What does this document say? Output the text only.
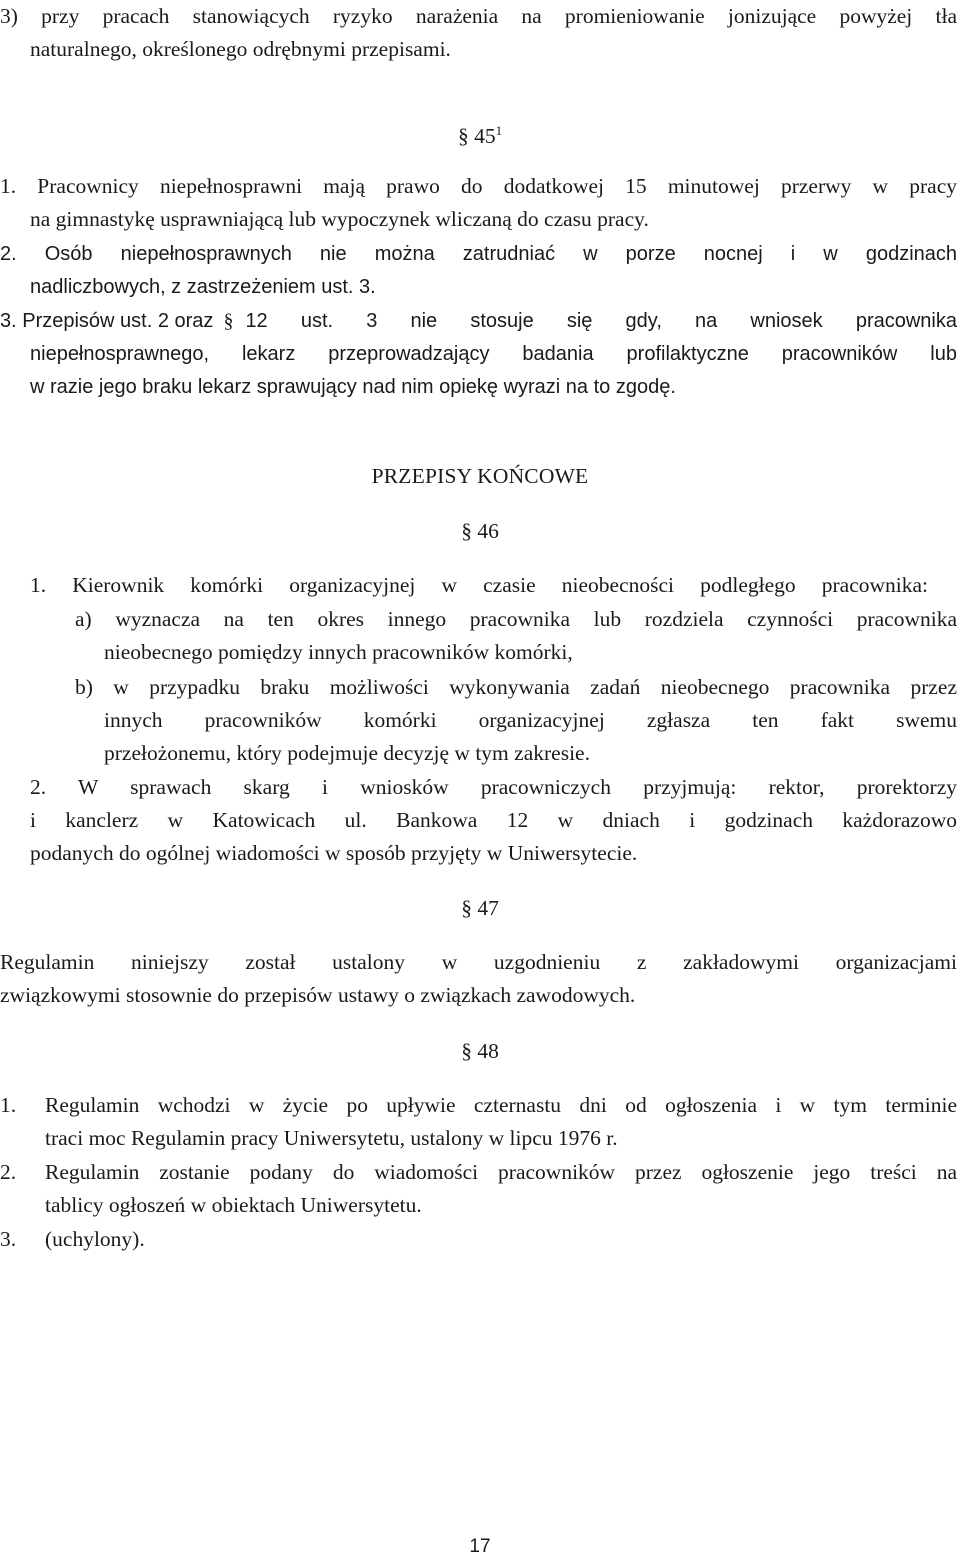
3) przy pracach stanowiących ryzyko narażenia na promieniowanie jonizujące powyżej tła
naturalnego, określonego odrębnymi przepisami.
§ $45^1$
1. Pracownicy niepełnosprawni mają prawo do dodatkowej 15 minutowej przerwy w pracy
na gimnastykę usprawniającą lub wypoczynek wliczaną do czasu pracy.
2. Osób niepełnosprawnych nie można zatrudniać w porze nocnej i w godzinach
nadliczbowych, z zastrzeżeniem ust. 3.
3. Przepisów ust. 2 oraz § 12 ust. 3 nie stosuje się gdy, na wniosek pracownika
niepełnosprawnego, lekarz przeprowadzający badania profilaktyczne pracowników lub
w razie jego braku lekarz sprawujący nad nim opiekę wyrazi na to zgodę.
PRZEPISY KOŃCOWE
§ 46
1. Kierownik komórki organizacyjnej w czasie nieobecności podległego pracownika:
a) wyznacza na ten okres innego pracownika lub rozdziela czynności pracownika
nieobecnego pomiędzy innych pracowników komórki,
b) w przypadku braku możliwości wykonywania zadań nieobecnego pracownika przez
innych pracowników komórki organizacyjnej zgłasza ten fakt swemu
przełożonemu, który podejmuje decyzję w tym zakresie.
2. W sprawach skarg i wniosków pracowniczych przyjmują: rektor, prorektorzy
i kanclerz w Katowicach ul. Bankowa 12 w dniach i godzinach każdorazowo
podanych do ogólnej wiadomości w sposób przyjęty w Uniwersytecie.
§ 47
Regulamin niniejszy został ustalony w uzgodnieniu z zakładowymi organizacjami
związkowymi stosownie do przepisów ustawy o związkach zawodowych.
§ 48
1. Regulamin wchodzi w życie po upływie czternastu dni od ogłoszenia i w tym terminie
traci moc Regulamin pracy Uniwersytetu, ustalony w lipcu 1976 r.
2. Regulamin zostanie podany do wiadomości pracowników przez ogłoszenie jego treści na
tablicy ogłoszeń w obiektach Uniwersytetu.
3. (uchylony).
17
